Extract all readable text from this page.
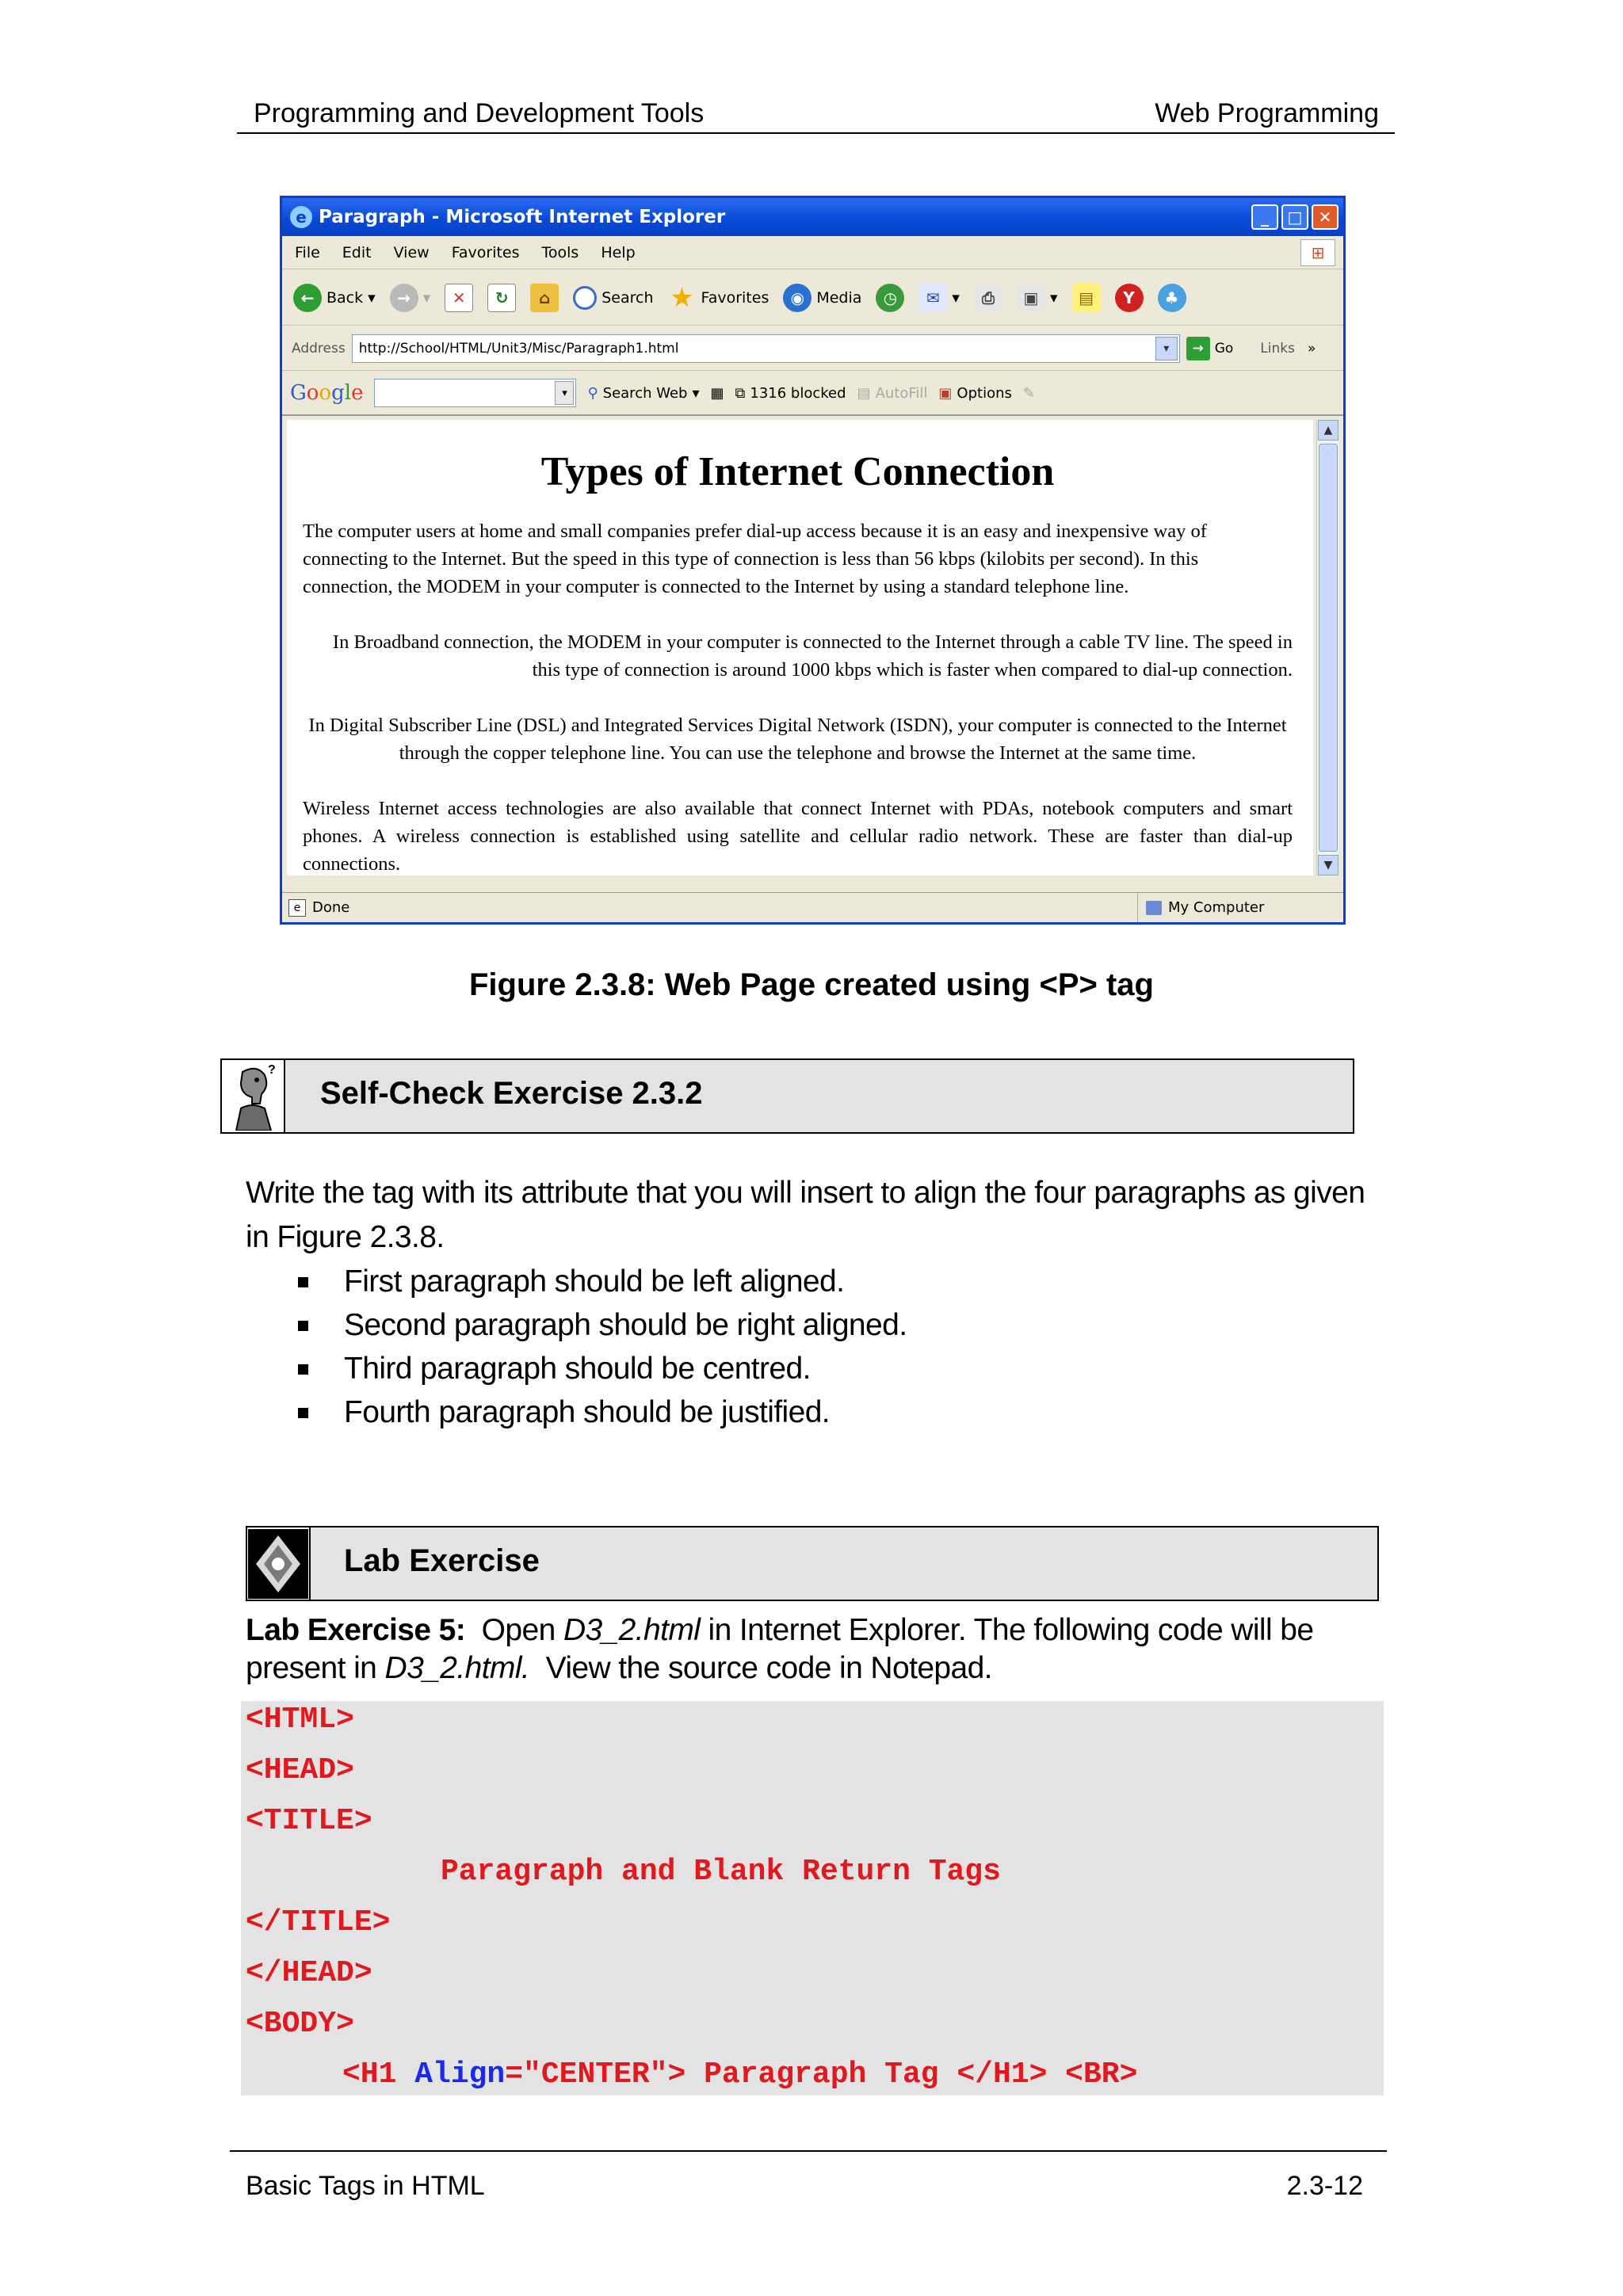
Programming and Development Tools	Web Programming
e Paragraph - Microsoft Internet Explorer	_	□	✕
File Edit View Favorites Tools Help	⊞
← Back ▾	→ ▾	✕	↻	⌂	Search ★ Favorites	◉ Media	◷	✉ ▾	⎙	▣ ▾	▤	Y	♣
Address http://School/HTML/Unit3/Misc/Paragraph1.html	▾	→ Go Links »
Google	▾	⚲ Search Web ▾ ▦ ⧉ 1316 blocked ▤ AutoFill ▣ Options ✎
Types of Internet Connection

The computer users at home and small companies prefer dial-up access because it is an easy and inexpensive way of connecting to the Internet. But the speed in this type of connection is less than 56 kbps (kilobits per second). In this connection, the MODEM in your computer is connected to the Internet by using a standard telephone line.

In Broadband connection, the MODEM in your computer is connected to the Internet through a cable TV line. The speed in this type of connection is around 1000 kbps which is faster when compared to dial-up connection.

In Digital Subscriber Line (DSL) and Integrated Services Digital Network (ISDN), your computer is connected to the Internet through the copper telephone line. You can use the telephone and browse the Internet at the same time.

Wireless Internet access technologies are also available that connect Internet with PDAs, notebook computers and smart phones. A wireless connection is established using satellite and cellular radio network. These are faster than dial-up connections.

▲
▼
e Done	My Computer
Figure 2.3.8: Web Page created using <P> tag
?
Self-Check Exercise 2.3.2
Write the tag with its attribute that you will insert to align the four paragraphs as given in Figure 2.3.8.
First paragraph should be left aligned.
Second paragraph should be right aligned.
Third paragraph should be centred.
Fourth paragraph should be justified.
Lab Exercise
Lab Exercise 5: Open D3_2.html in Internet Explorer. The following code will be present in D3_2.html. View the source code in Notepad.
<HTML>
<HEAD>
<TITLE>
Paragraph and Blank Return Tags
</TITLE>
</HEAD>
<BODY>
<H1 Align="CENTER"> Paragraph Tag </H1> <BR>
Basic Tags in HTML	2.3-12
